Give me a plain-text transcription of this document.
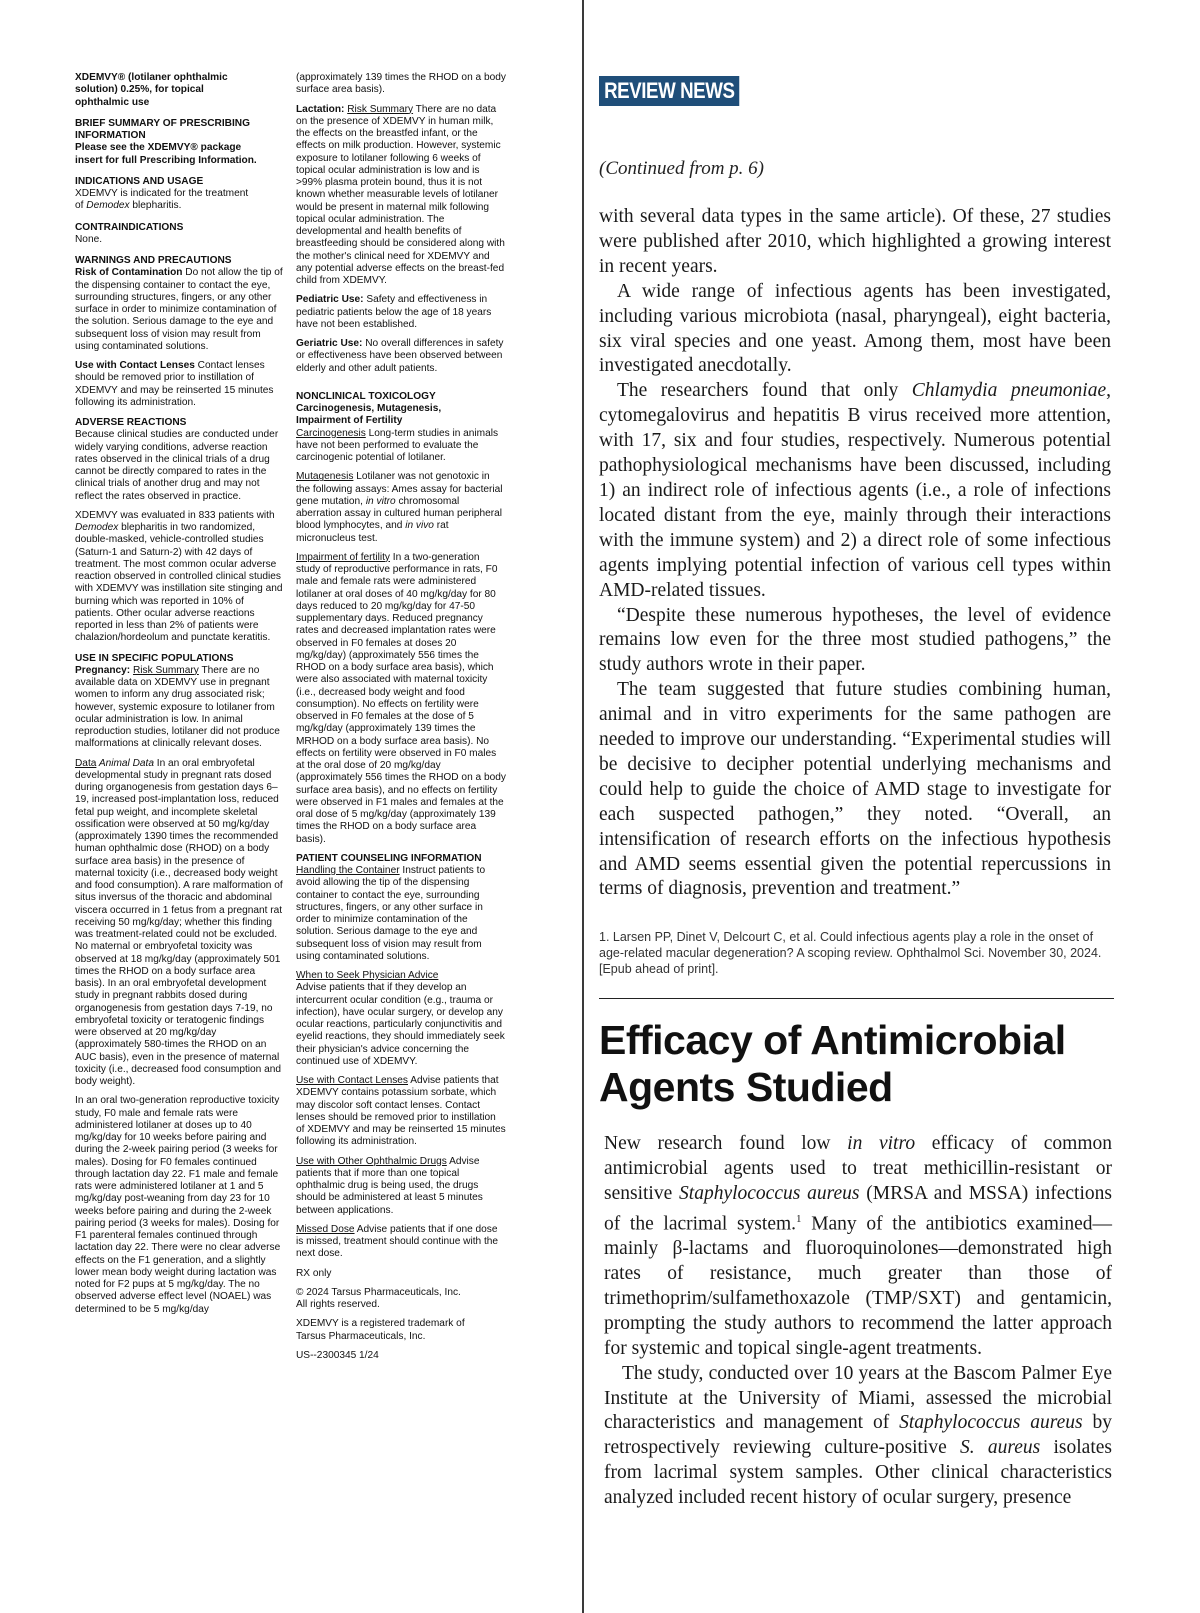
XDEMVY® (lotilaner ophthalmic
solution) 0.25%, for topical
ophthalmic use
BRIEF SUMMARY OF PRESCRIBING
INFORMATION
Please see the XDEMVY® package
insert for full Prescribing Information.
INDICATIONS AND USAGE

XDEMVY is indicated for the treatment
of Demodex blepharitis.

CONTRAINDICATIONS

None.

WARNINGS AND PRECAUTIONS

Risk of Contamination Do not allow the tip of the dispensing container to contact the eye, surrounding structures, fingers, or any other surface in order to minimize contamination of the solution. Serious damage to the eye and subsequent loss of vision may result from using contaminated solutions.

Use with Contact Lenses Contact lenses should be removed prior to instillation of XDEMVY and may be reinserted 15 minutes following its administration.

ADVERSE REACTIONS

Because clinical studies are conducted under widely varying conditions, adverse reaction rates observed in the clinical trials of a drug cannot be directly compared to rates in the clinical trials of another drug and may not reflect the rates observed in practice.

XDEMVY was evaluated in 833 patients with Demodex blepharitis in two randomized, double-masked, vehicle-controlled studies (Saturn-1 and Saturn-2) with 42 days of treatment. The most common ocular adverse reaction observed in controlled clinical studies with XDEMVY was instillation site stinging and burning which was reported in 10% of patients. Other ocular adverse reactions reported in less than 2% of patients were chalazion/hordeolum and punctate keratitis.

USE IN SPECIFIC POPULATIONS

Pregnancy: Risk Summary There are no available data on XDEMVY use in pregnant women to inform any drug associated risk; however, systemic exposure to lotilaner from ocular administration is low. In animal reproduction studies, lotilaner did not produce malformations at clinically relevant doses.

Data Animal Data In an oral embryofetal developmental study in pregnant rats dosed during organogenesis from gestation days 6–19, increased post-implantation loss, reduced fetal pup weight, and incomplete skeletal ossification were observed at 50 mg/kg/day (approximately 1390 times the recommended human ophthalmic dose (RHOD) on a body surface area basis) in the presence of maternal toxicity (i.e., decreased body weight and food consumption). A rare malformation of situs inversus of the thoracic and abdominal viscera occurred in 1 fetus from a pregnant rat receiving 50 mg/kg/day; whether this finding was treatment-related could not be excluded. No maternal or embryofetal toxicity was observed at 18 mg/kg/day (approximately 501 times the RHOD on a body surface area basis). In an oral embryofetal development study in pregnant rabbits dosed during organogenesis from gestation days 7-19, no embryofetal toxicity or teratogenic findings were observed at 20 mg/kg/day (approximately 580-times the RHOD on an AUC basis), even in the presence of maternal toxicity (i.e., decreased food consumption and body weight).

In an oral two-generation reproductive toxicity study, F0 male and female rats were administered lotilaner at doses up to 40 mg/kg/day for 10 weeks before pairing and during the 2-week pairing period (3 weeks for males). Dosing for F0 females continued through lactation day 22. F1 male and female rats were administered lotilaner at 1 and 5 mg/kg/day post-weaning from day 23 for 10 weeks before pairing and during the 2-week pairing period (3 weeks for males). Dosing for F1 parenteral females continued through lactation day 22. There were no clear adverse effects on the F1 generation, and a slightly lower mean body weight during lactation was noted for F2 pups at 5 mg/kg/day. The no observed adverse effect level (NOAEL) was determined to be 5 mg/kg/day

(approximately 139 times the RHOD on a body surface area basis).

Lactation: Risk Summary There are no data on the presence of XDEMVY in human milk, the effects on the breastfed infant, or the effects on milk production. However, systemic exposure to lotilaner following 6 weeks of topical ocular administration is low and is >99% plasma protein bound, thus it is not known whether measurable levels of lotilaner would be present in maternal milk following topical ocular administration. The developmental and health benefits of breastfeeding should be considered along with the mother's clinical need for XDEMVY and any potential adverse effects on the breast-fed child from XDEMVY.

Pediatric Use: Safety and effectiveness in pediatric patients below the age of 18 years have not been established.

Geriatric Use: No overall differences in safety or effectiveness have been observed between elderly and other adult patients.

NONCLINICAL TOXICOLOGY
Carcinogenesis, Mutagenesis,
Impairment of Fertility

Carcinogenesis Long-term studies in animals have not been performed to evaluate the carcinogenic potential of lotilaner.

Mutagenesis Lotilaner was not genotoxic in the following assays: Ames assay for bacterial gene mutation, in vitro chromosomal aberration assay in cultured human peripheral blood lymphocytes, and in vivo rat micronucleus test.

Impairment of fertility In a two-generation study of reproductive performance in rats, F0 male and female rats were administered lotilaner at oral doses of 40 mg/kg/day for 80 days reduced to 20 mg/kg/day for 47-50 supplementary days. Reduced pregnancy rates and decreased implantation rates were observed in F0 females at doses 20 mg/kg/day) (approximately 556 times the RHOD on a body surface area basis), which were also associated with maternal toxicity (i.e., decreased body weight and food consumption). No effects on fertility were observed in F0 females at the dose of 5 mg/kg/day (approximately 139 times the MRHOD on a body surface area basis). No effects on fertility were observed in F0 males at the oral dose of 20 mg/kg/day (approximately 556 times the RHOD on a body surface area basis), and no effects on fertility were observed in F1 males and females at the oral dose of 5 mg/kg/day (approximately 139 times the RHOD on a body surface area basis).

PATIENT COUNSELING INFORMATION

Handling the Container Instruct patients to avoid allowing the tip of the dispensing container to contact the eye, surrounding structures, fingers, or any other surface in order to minimize contamination of the solution. Serious damage to the eye and subsequent loss of vision may result from using contaminated solutions.

When to Seek Physician Advice
Advise patients that if they develop an intercurrent ocular condition (e.g., trauma or infection), have ocular surgery, or develop any ocular reactions, particularly conjunctivitis and eyelid reactions, they should immediately seek their physician's advice concerning the continued use of XDEMVY.

Use with Contact Lenses Advise patients that XDEMVY contains potassium sorbate, which may discolor soft contact lenses. Contact lenses should be removed prior to instillation of XDEMVY and may be reinserted 15 minutes following its administration.

Use with Other Ophthalmic Drugs Advise patients that if more than one topical ophthalmic drug is being used, the drugs should be administered at least 5 minutes between applications.

Missed Dose Advise patients that if one dose is missed, treatment should continue with the next dose.

RX only

© 2024 Tarsus Pharmaceuticals, Inc.
All rights reserved.

XDEMVY is a registered trademark of
Tarsus Pharmaceuticals, Inc.

US--2300345 1/24

REVIEW NEWS
(Continued from p. 6)

with several data types in the same article). Of these, 27 studies were published after 2010, which highlighted a growing interest in recent years.

A wide range of infectious agents has been investigated, including various microbiota (nasal, pharyngeal), eight bacteria, six viral species and one yeast. Among them, most have been investigated anecdotally.

The researchers found that only Chlamydia pneumoniae, cytomegalovirus and hepatitis B virus received more attention, with 17, six and four studies, respectively. Numerous potential pathophysiological mechanisms have been discussed, including 1) an indirect role of infectious agents (i.e., a role of infections located distant from the eye, mainly through their interactions with the immune system) and 2) a direct role of some infectious agents implying potential infection of various cell types within AMD-related tissues.

“Despite these numerous hypotheses, the level of evidence remains low even for the three most studied pathogens,” the study authors wrote in their paper.

The team suggested that future studies combining human, animal and in vitro experiments for the same pathogen are needed to improve our understanding. “Experimental studies will be decisive to decipher potential underlying mechanisms and could help to guide the choice of AMD stage to investigate for each suspected pathogen,” they noted. “Overall, an intensification of research efforts on the infectious hypothesis and AMD seems essential given the potential repercussions in terms of diagnosis, prevention and treatment.”

1. Larsen PP, Dinet V, Delcourt C, et al. Could infectious agents play a role in the onset of age-related macular degeneration? A scoping review. Ophthalmol Sci. November 30, 2024. [Epub ahead of print].
Efficacy of Antimicrobial Agents Studied

New research found low in vitro efficacy of common antimicrobial agents used to treat methicillin-resistant or sensitive Staphylococcus aureus (MRSA and MSSA) infections of the lacrimal system.$^1$ Many of the antibiotics examined—mainly β-lactams and fluoroquinolones—demonstrated high rates of resistance, much greater than those of trimethoprim/sulfamethoxazole (TMP/SXT) and gentamicin, prompting the study authors to recommend the latter approach for systemic and topical single-agent treatments.

The study, conducted over 10 years at the Bascom Palmer Eye Institute at the University of Miami, assessed the microbial characteristics and management of Staphylococcus aureus by retrospectively reviewing culture-positive S. aureus isolates from lacrimal system samples. Other clinical characteristics analyzed included recent history of ocular surgery, presence
